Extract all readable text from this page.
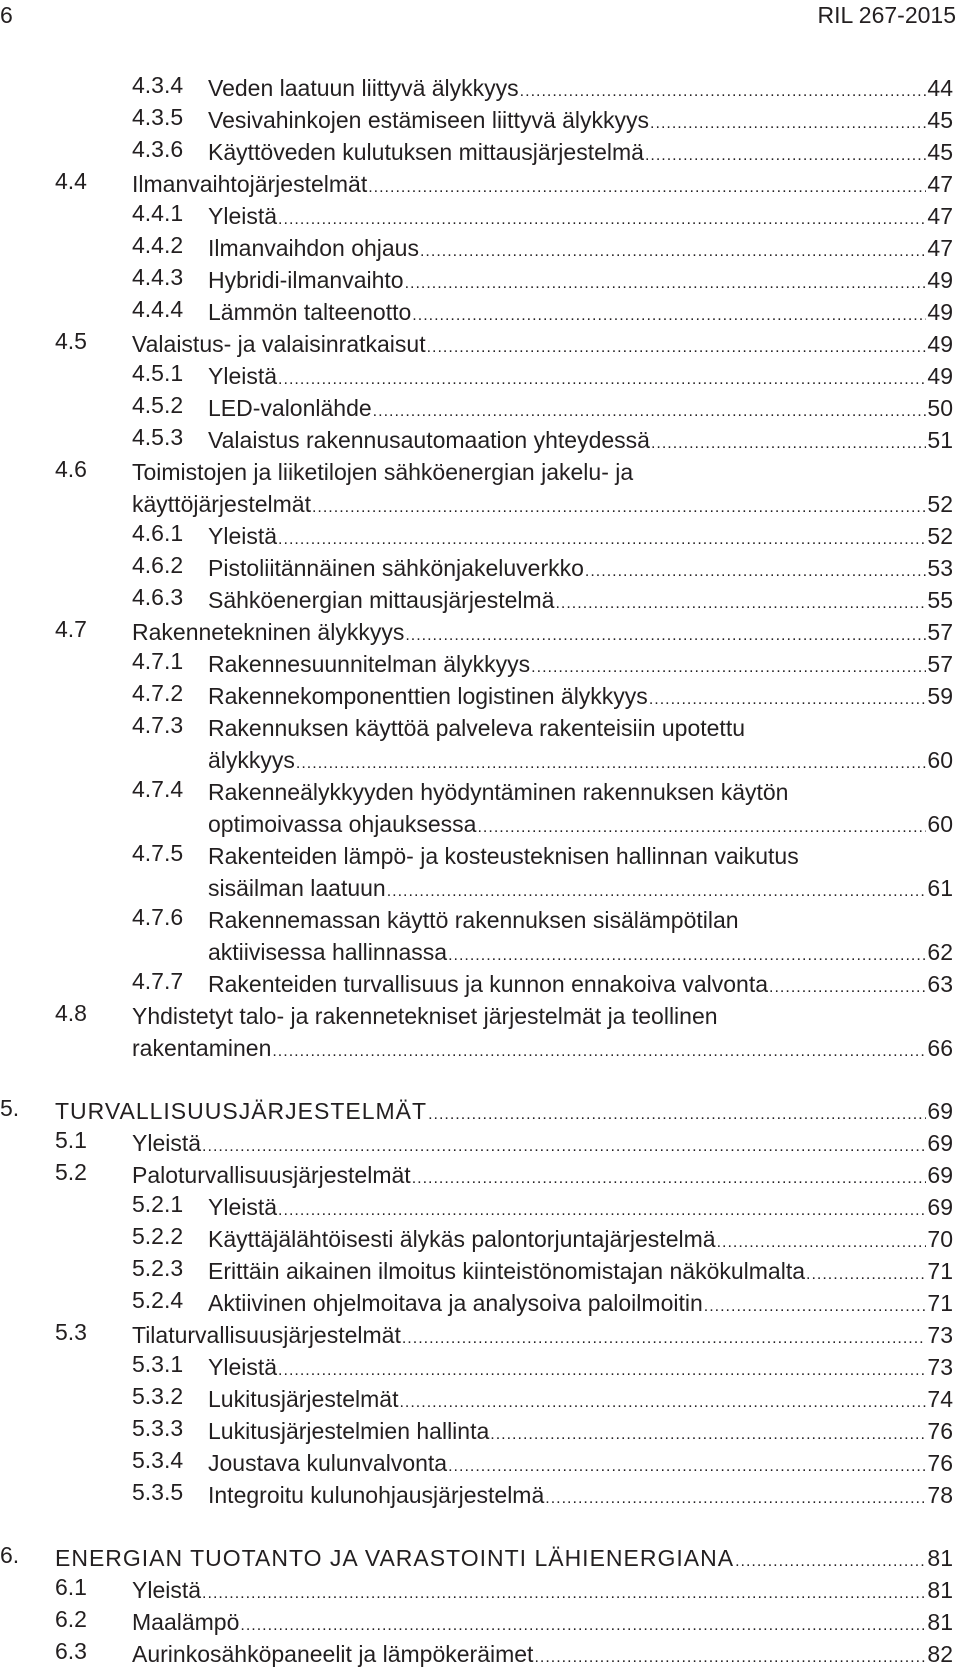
6	RIL 267-2015
4.3.4 Veden laatuun liittyvä älykkyys .....	44
4.3.5 Vesivahinkojen estämiseen liittyvä älykkyys .....	45
4.3.6 Käyttöveden kulutuksen mittausjärjestelmä .....	45
4.4 Ilmanvaihtojärjestelmät .....	47
4.4.1 Yleistä .....	47
4.4.2 Ilmanvaihdon ohjaus .....	47
4.4.3 Hybridi-ilmanvaihto .....	49
4.4.4 Lämmön talteenotto .....	49
4.5 Valaistus- ja valaisinratkaisut .....	49
4.5.1 Yleistä .....	49
4.5.2 LED-valonlähde .....	50
4.5.3 Valaistus rakennusautomaation yhteydessä .....	51
4.6 Toimistojen ja liiketilojen sähköenergian jakelu- ja
käyttöjärjestelmät .....	52
4.6.1 Yleistä .....	52
4.6.2 Pistoliitännäinen sähkönjakeluverkko .....	53
4.6.3 Sähköenergian mittausjärjestelmä .....	55
4.7 Rakennetekninen älykkyys .....	57
4.7.1 Rakennesuunnitelman älykkyys .....	57
4.7.2 Rakennekomponenttien logistinen älykkyys .....	59
4.7.3 Rakennuksen käyttöä palveleva rakenteisiin upotettu
älykkyys .....	60
4.7.4 Rakenneälykkyyden hyödyntäminen rakennuksen käytön
optimoivassa ohjauksessa .....	60
4.7.5 Rakenteiden lämpö- ja kosteusteknisen hallinnan vaikutus
sisäilman laatuun .....	61
4.7.6 Rakennemassan käyttö rakennuksen sisälämpötilan
aktiivisessa hallinnassa .....	62
4.7.7 Rakenteiden turvallisuus ja kunnon ennakoiva valvonta .....	63
4.8 Yhdistetyt talo- ja rakennetekniset järjestelmät ja teollinen
rakentaminen .....	66
5. TURVALLISUUSJÄRJESTELMÄT .....	69
5.1 Yleistä .....	69
5.2 Paloturvallisuusjärjestelmät .....	69
5.2.1 Yleistä .....	69
5.2.2 Käyttäjälähtöisesti älykäs palontorjuntajärjestelmä .....	70
5.2.3 Erittäin aikainen ilmoitus kiinteistönomistajan näkökulmalta .....	71
5.2.4 Aktiivinen ohjelmoitava ja analysoiva paloilmoitin .....	71
5.3 Tilaturvallisuusjärjestelmät .....	73
5.3.1 Yleistä .....	73
5.3.2 Lukitusjärjestelmät .....	74
5.3.3 Lukitusjärjestelmien hallinta .....	76
5.3.4 Joustava kulunvalvonta .....	76
5.3.5 Integroitu kulunohjausjärjestelmä .....	78
6. ENERGIAN TUOTANTO JA VARASTOINTI LÄHIENERGIANA .....	81
6.1 Yleistä .....	81
6.2 Maalämpö .....	81
6.3 Aurinkosähköpaneelit ja lämpökeräimet .....	82
